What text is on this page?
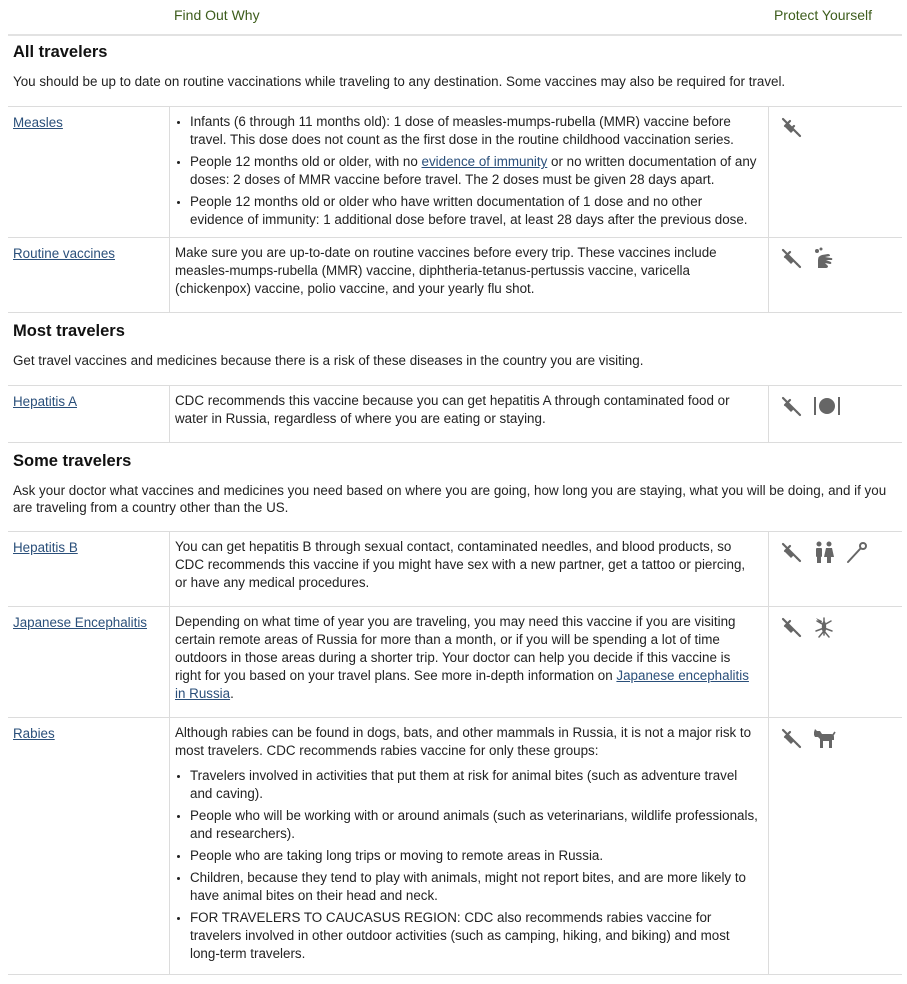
Find Out Why	Protect Yourself
All travelers
You should be up to date on routine vaccinations while traveling to any destination. Some vaccines may also be required for travel.
Measles
•	Infants (6 through 11 months old): 1 dose of measles-mumps-rubella (MMR) vaccine before travel. This dose does not count as the first dose in the routine childhood vaccination series.
• People 12 months old or older, with no evidence of immunity or no written documentation of any doses: 2 doses of MMR vaccine before travel. The 2 doses must be given 28 days apart.
• People 12 months old or older who have written documentation of 1 dose and no other evidence of immunity: 1 additional dose before travel, at least 28 days after the previous dose.
Routine vaccines	Make sure you are up-to-date on routine vaccines before every trip. These vaccines include measles-mumps-rubella (MMR) vaccine, diphtheria-tetanus-pertussis vaccine, varicella (chickenpox) vaccine, polio vaccine, and your yearly flu shot.
Most travelers
Get travel vaccines and medicines because there is a risk of these diseases in the country you are visiting.
Hepatitis A	CDC recommends this vaccine because you can get hepatitis A through contaminated food or water in Russia, regardless of where you are eating or staying.
Some travelers
Ask your doctor what vaccines and medicines you need based on where you are going, how long you are staying, what you will be doing, and if you are traveling from a country other than the US.
Hepatitis B	You can get hepatitis B through sexual contact, contaminated needles, and blood products, so CDC recommends this vaccine if you might have sex with a new partner, get a tattoo or piercing, or have any medical procedures.
Japanese Encephalitis Depending on what time of year you are traveling, you may need this vaccine if you are visiting certain remote areas of Russia for more than a month, or if you will be spending a lot of time outdoors in those areas during a shorter trip. Your doctor can help you decide if this vaccine is right for you based on your travel plans. See more in-depth information on Japanese encephalitis in Russia.
Rabies	Although rabies can be found in dogs, bats, and other mammals in Russia, it is not a major risk to most travelers. CDC recommends rabies vaccine for only these groups:

• Travelers involved in activities that put them at risk for animal bites (such as adventure travel and caving).
• People who will be working with or around animals (such as veterinarians, wildlife professionals, and researchers).
• People who are taking long trips or moving to remote areas in Russia.
• Children, because they tend to play with animals, might not report bites, and are more likely to have animal bites on their head and neck.
• FOR TRAVELERS TO CAUCASUS REGION: CDC also recommends rabies vaccine for travelers involved in other outdoor activities (such as camping, hiking, and biking) and most long-term travelers.
